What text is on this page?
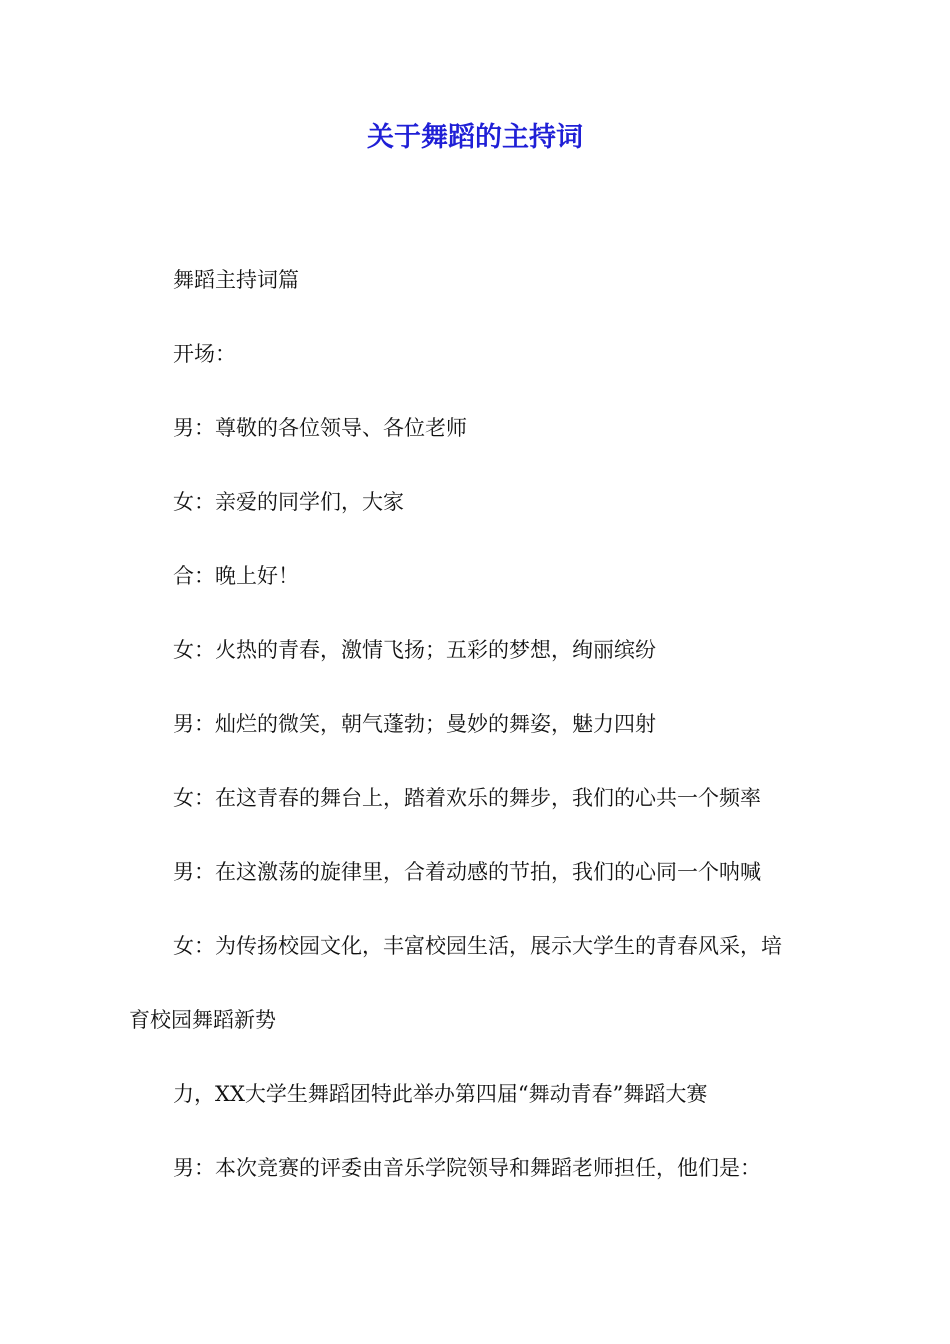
关于舞蹈的主持词

舞蹈主持词篇

开场：

男：尊敬的各位领导、各位老师

女：亲爱的同学们，大家

合：晚上好！

女：火热的青春，激情飞扬；五彩的梦想，绚丽缤纷

男：灿烂的微笑，朝气蓬勃；曼妙的舞姿，魅力四射

女：在这青春的舞台上，踏着欢乐的舞步，我们的心共一个频率

男：在这激荡的旋律里，合着动感的节拍，我们的心同一个呐喊

女：为传扬校园文化，丰富校园生活，展示大学生的青春风采，培

育校园舞蹈新势

力，XX大学生舞蹈团特此举办第四届“舞动青春”舞蹈大赛

男：本次竞赛的评委由音乐学院领导和舞蹈老师担任，他们是：
